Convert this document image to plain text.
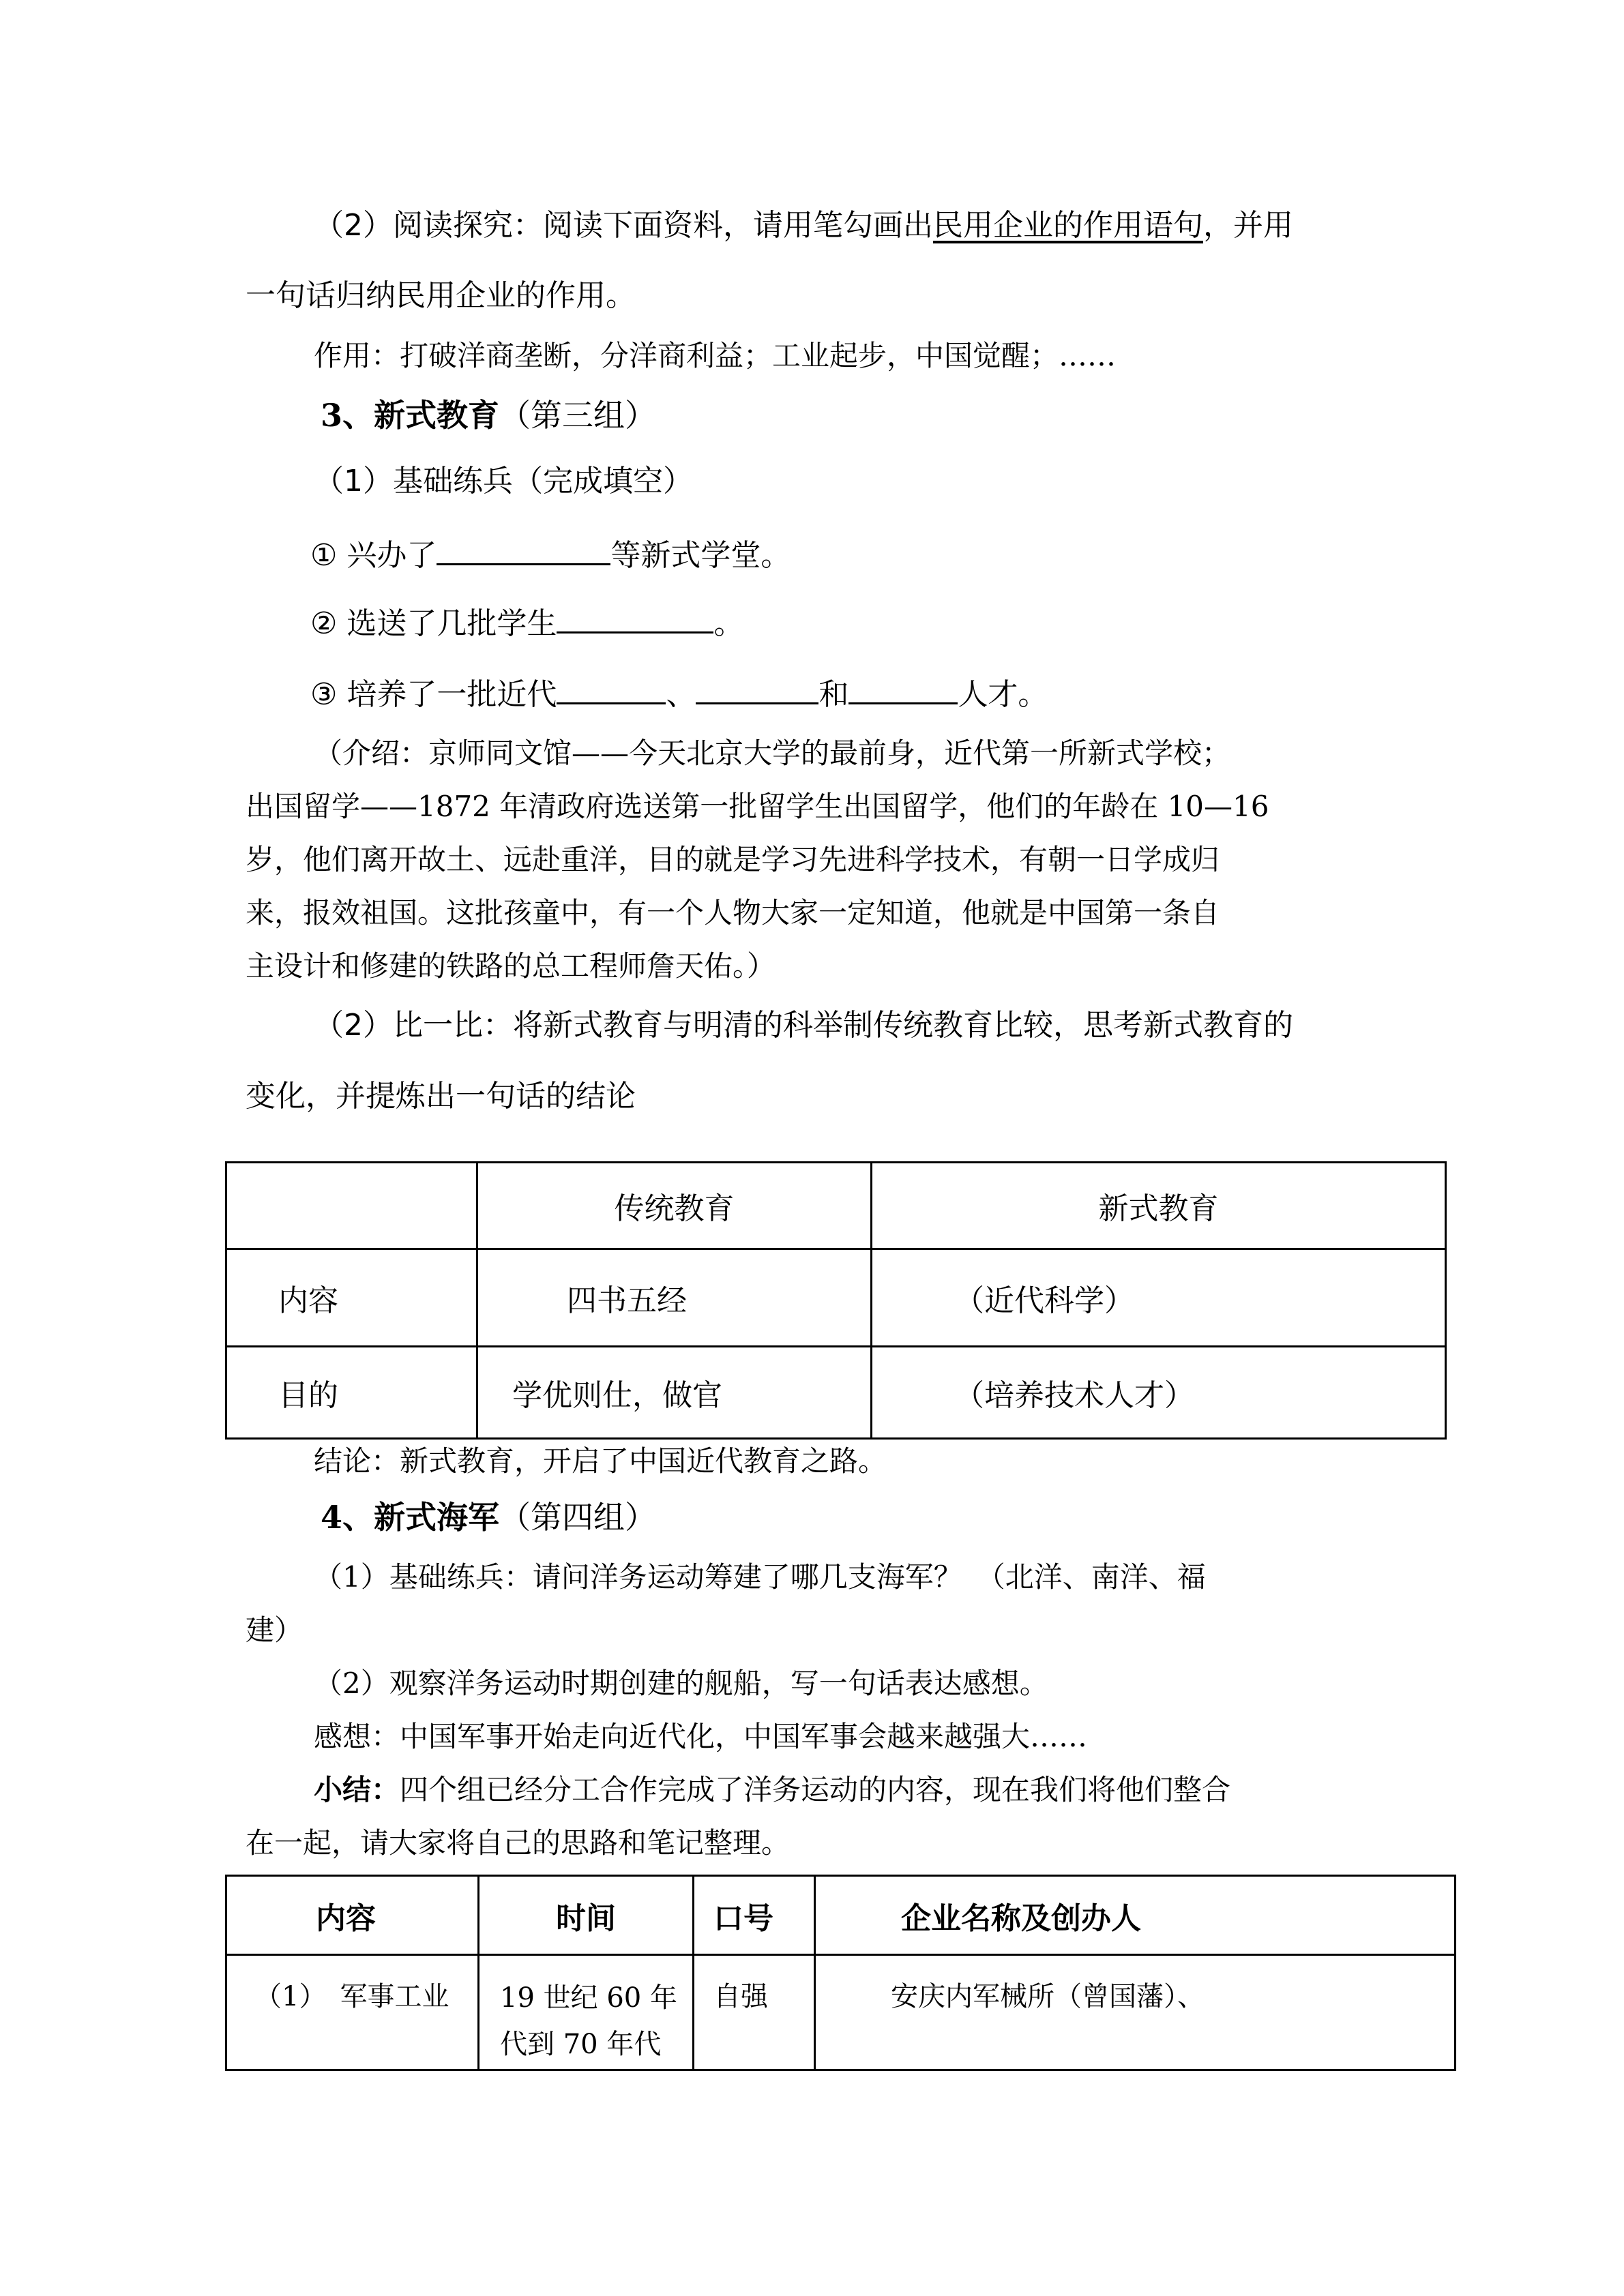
（2）阅读探究：阅读下面资料，请用笔勾画出民用企业的作用语句，并用
一句话归纳民用企业的作用。
作用：打破洋商垄断，分洋商利益；工业起步，中国觉醒；……
3、新式教育（第三组）
（1）基础练兵（完成填空）
① 兴办了	等新式学堂。
② 选送了几批学生	。
③ 培养了一批近代	、	和	人才。
（介绍：京师同文馆——今天北京大学的最前身，近代第一所新式学校；
出国留学——1872 年清政府选送第一批留学生出国留学，他们的年龄在 10—16
岁，他们离开故土、远赴重洋，目的就是学习先进科学技术，有朝一日学成归
来，报效祖国。这批孩童中，有一个人物大家一定知道，他就是中国第一条自
主设计和修建的铁路的总工程师詹天佑。）
（2）比一比：将新式教育与明清的科举制传统教育比较，思考新式教育的
变化，并提炼出一句话的结论
	传统教育	新式教育
内容	四书五经	（近代科学）
目的	学优则仕，做官	（培养技术人才）
结论：新式教育，开启了中国近代教育之路。
4、新式海军（第四组）
（1）基础练兵：请问洋务运动筹建了哪几支海军？　（北洋、南洋、福
建）
（2）观察洋务运动时期创建的舰船，写一句话表达感想。
感想：中国军事开始走向近代化，中国军事会越来越强大……
小结：四个组已经分工合作完成了洋务运动的内容，现在我们将他们整合
在一起，请大家将自己的思路和笔记整理。
内容	时间	口号	企业名称及创办人
（1）　军事工业	19 世纪 60 年
代到 70 年代	自强	安庆内军械所（曾国藩）、
